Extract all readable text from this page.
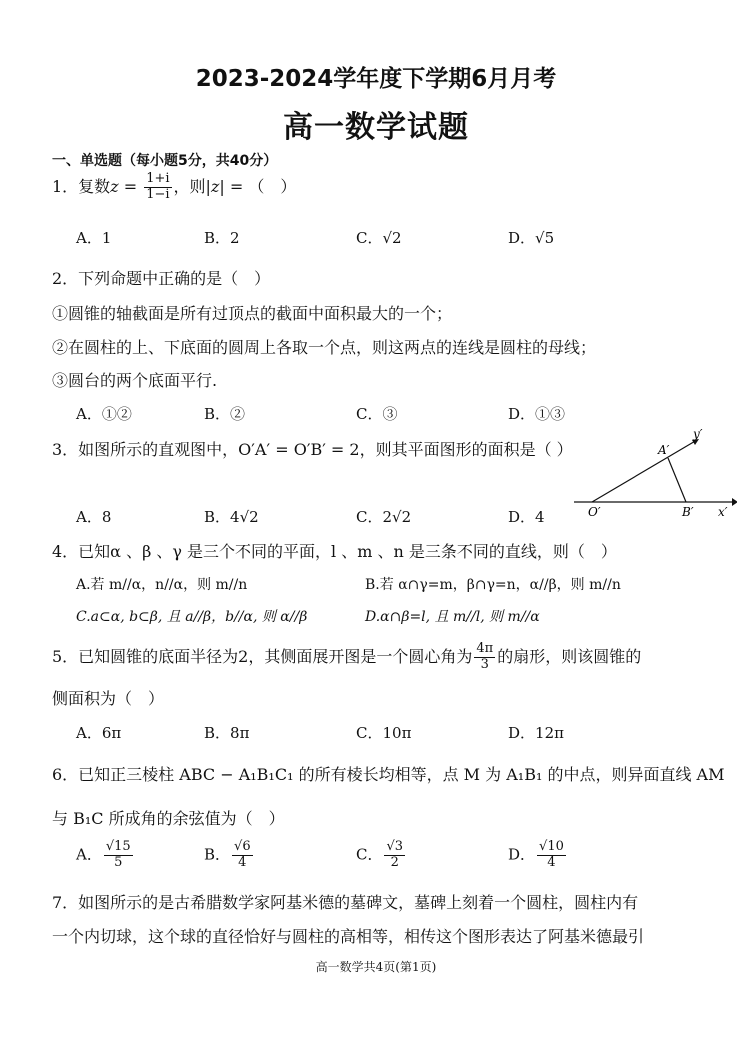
2023-2024学年度下学期6月月考
高一数学试题
一、单选题（每小题5分，共40分）
1．复数$z = \frac{1+i}{1-i}$ ，则|z| = （　）
A．1	B．2	C．√2	D．√5
2．下列命题中正确的是（　）
①圆锥的轴截面是所有过顶点的截面中面积最大的一个；
②在圆柱的上、下底面的圆周上各取一个点，则这两点的连线是圆柱的母线；
③圆台的两个底面平行.
A．①②	B．②	C．③	D．①③
3．如图所示的直观图中，O′A′ = O′B′ = 2，则其平面图形的面积是（ ）
A．8	B．4√2	C．2√2	D．4
A′
y′
O′	B′ x′
4．已知α 、β 、γ 是三个不同的平面，l 、m 、n 是三条不同的直线，则（　）
A.若 m//α，n//α，则 m//n	B.若 α∩γ=m，β∩γ=n，α//β，则 m//n
C.a⊂α, b⊂β, 且 a//β，b//α, 则 α//β	D.α∩β=l, 且 m//l, 则 m//α
5．已知圆锥的底面半径为2，其侧面展开图是一个圆心角为 $\frac{4\pi}{3}$ 的扇形，则该圆锥的
侧面积为（　）
A．6π	B．8π	C．10π	D．12π
6．已知正三棱柱 ABC − A₁B₁C₁ 的所有棱长均相等，点 M 为 A₁B₁ 的中点，则异面直线 AM
与 B₁C 所成角的余弦值为（　）
A． $\frac{√15}{5}$	B． $\frac{√6}{4}$	C． $\frac{√3}{2}$	D． $\frac{√10}{4}$
7．如图所示的是古希腊数学家阿基米德的墓碑文，墓碑上刻着一个圆柱，圆柱内有
一个内切球，这个球的直径恰好与圆柱的高相等，相传这个图形表达了阿基米德最引
高一数学共4页(第1页)
